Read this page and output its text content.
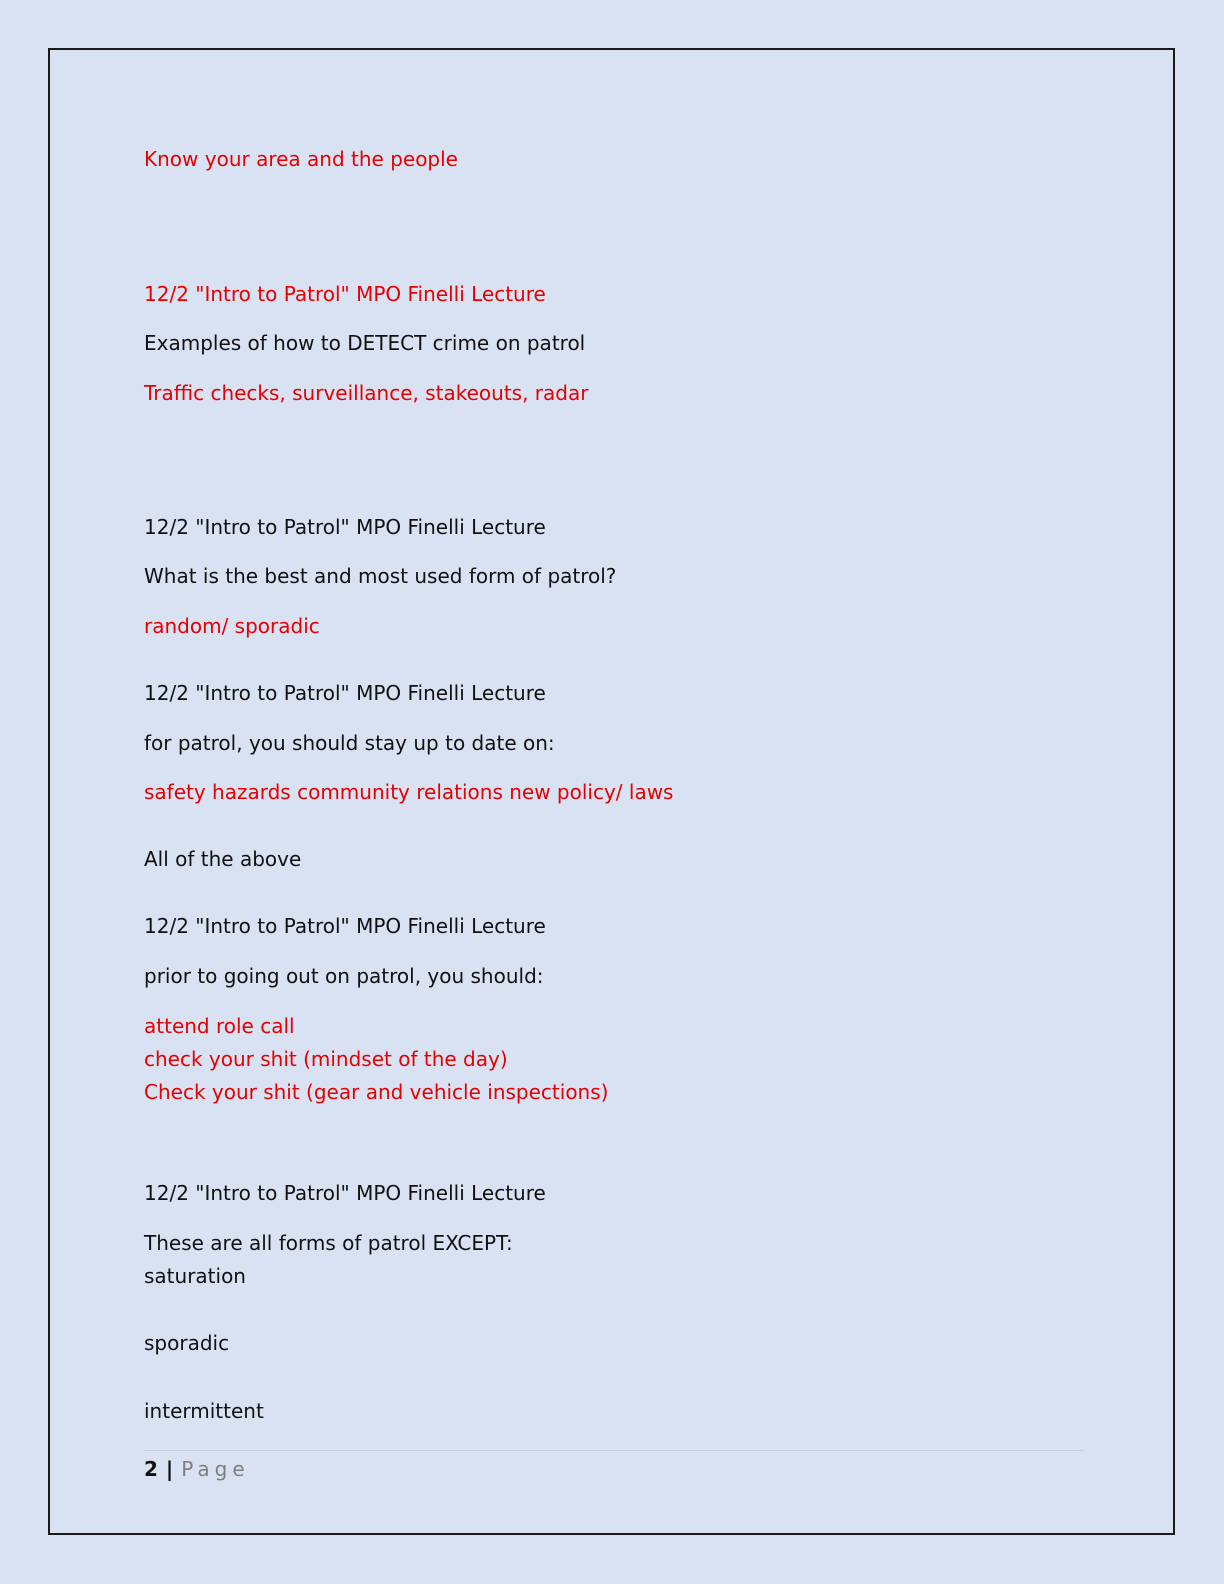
Know your area and the people

12/2 "Intro to Patrol" MPO Finelli Lecture

Examples of how to DETECT crime on patrol

Traffic checks, surveillance, stakeouts, radar

12/2 "Intro to Patrol" MPO Finelli Lecture

What is the best and most used form of patrol?

random/ sporadic

12/2 "Intro to Patrol" MPO Finelli Lecture

for patrol, you should stay up to date on:

safety hazards community relations new policy/ laws

All of the above

12/2 "Intro to Patrol" MPO Finelli Lecture

prior to going out on patrol, you should:

attend role call

check your shit (mindset of the day)

Check your shit (gear and vehicle inspections)

12/2 "Intro to Patrol" MPO Finelli Lecture

These are all forms of patrol EXCEPT:

saturation

sporadic

intermittent

2 | Page
